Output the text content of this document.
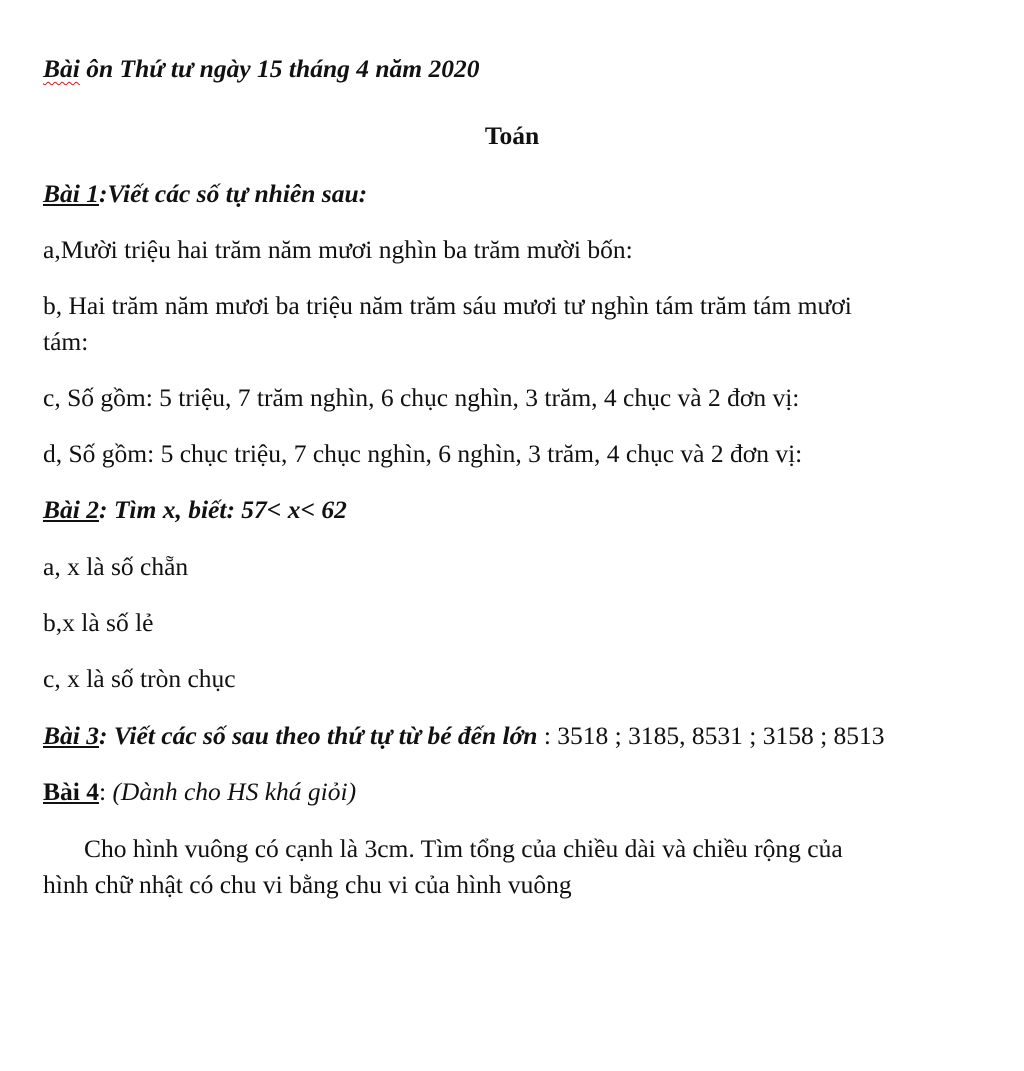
Bài ôn Thứ tư ngày 15 tháng 4 năm 2020
Toán
Bài 1:Viết các số tự nhiên sau:
a,Mười triệu hai trăm năm mươi nghìn ba trăm mười bốn:
b, Hai trăm năm mươi ba triệu năm trăm sáu mươi tư nghìn tám trăm tám mươi
tám:
c, Số gồm: 5 triệu, 7 trăm nghìn, 6 chục nghìn, 3 trăm, 4 chục và 2 đơn vị:
d, Số gồm: 5 chục triệu, 7 chục nghìn, 6 nghìn, 3 trăm, 4 chục và 2 đơn vị:
Bài 2: Tìm x, biết: 57< x< 62
a, x là số chẵn
b,x là số lẻ
c, x là số tròn chục
Bài 3: Viết các số sau theo thứ tự từ bé đến lớn : 3518 ; 3185, 8531 ; 3158 ; 8513
Bài 4: (Dành cho HS khá giỏi)
Cho hình vuông có cạnh là 3cm. Tìm tổng của chiều dài và chiều rộng của
hình chữ nhật có chu vi bằng chu vi của hình vuông
